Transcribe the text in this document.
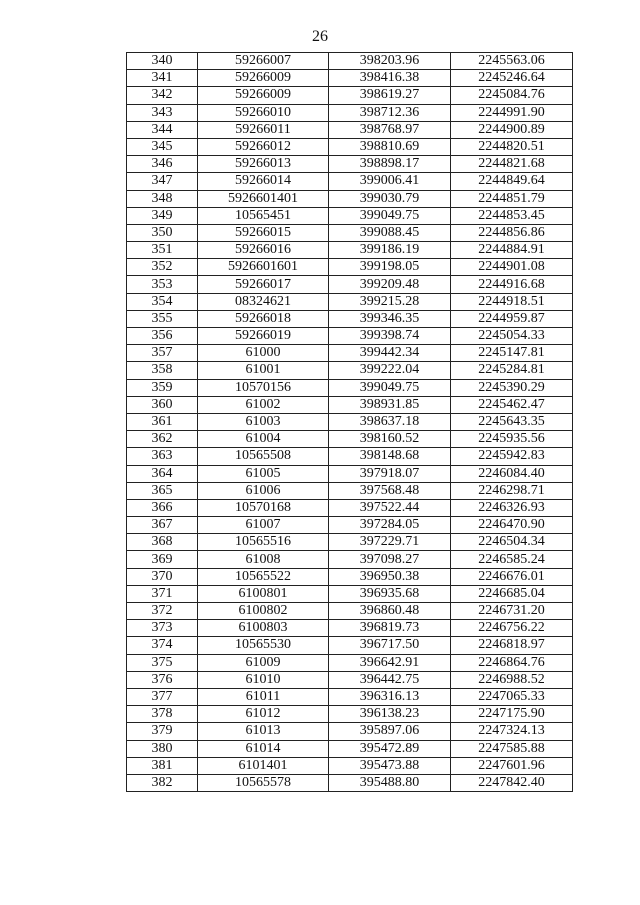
26
340	59266007	398203.96	2245563.06
341	59266009	398416.38	2245246.64
342	59266009	398619.27	2245084.76
343	59266010	398712.36	2244991.90
344	59266011	398768.97	2244900.89
345	59266012	398810.69	2244820.51
346	59266013	398898.17	2244821.68
347	59266014	399006.41	2244849.64
348	5926601401	399030.79	2244851.79
349	10565451	399049.75	2244853.45
350	59266015	399088.45	2244856.86
351	59266016	399186.19	2244884.91
352	5926601601	399198.05	2244901.08
353	59266017	399209.48	2244916.68
354	08324621	399215.28	2244918.51
355	59266018	399346.35	2244959.87
356	59266019	399398.74	2245054.33
357	61000	399442.34	2245147.81
358	61001	399222.04	2245284.81
359	10570156	399049.75	2245390.29
360	61002	398931.85	2245462.47
361	61003	398637.18	2245643.35
362	61004	398160.52	2245935.56
363	10565508	398148.68	2245942.83
364	61005	397918.07	2246084.40
365	61006	397568.48	2246298.71
366	10570168	397522.44	2246326.93
367	61007	397284.05	2246470.90
368	10565516	397229.71	2246504.34
369	61008	397098.27	2246585.24
370	10565522	396950.38	2246676.01
371	6100801	396935.68	2246685.04
372	6100802	396860.48	2246731.20
373	6100803	396819.73	2246756.22
374	10565530	396717.50	2246818.97
375	61009	396642.91	2246864.76
376	61010	396442.75	2246988.52
377	61011	396316.13	2247065.33
378	61012	396138.23	2247175.90
379	61013	395897.06	2247324.13
380	61014	395472.89	2247585.88
381	6101401	395473.88	2247601.96
382	10565578	395488.80	2247842.40
